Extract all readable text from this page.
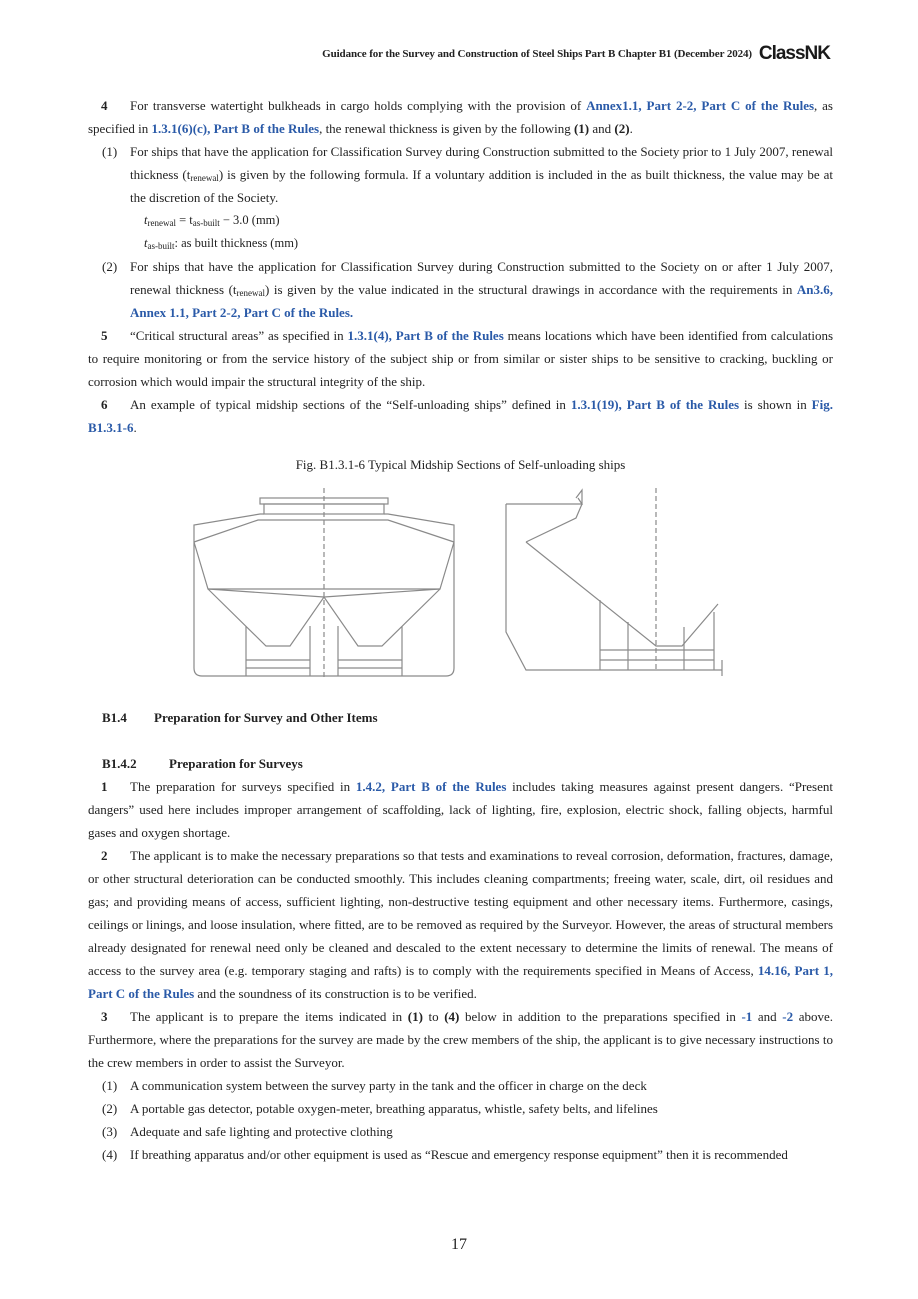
Guidance for the Survey and Construction of Steel Ships Part B Chapter B1 (December 2024) ClassNK

4 For transverse watertight bulkheads in cargo holds complying with the provision of Annex1.1, Part 2-2, Part C of the Rules, as specified in 1.3.1(6)(c), Part B of the Rules, the renewal thickness is given by the following (1) and (2).

(1) For ships that have the application for Classification Survey during Construction submitted to the Society prior to 1 July 2007, renewal thickness $(t_{renewal})$ is given by the following formula. If a voluntary addition is included in the as built thickness, the value may be at the discretion of the Society.

$t_{renewal} = t_{as-built} - 3.0$ (mm)

$t_{as-built}$: as built thickness (mm)

(2) For ships that have the application for Classification Survey during Construction submitted to the Society on or after 1 July 2007, renewal thickness $(t_{renewal})$ is given by the value indicated in the structural drawings in accordance with the requirements in An3.6, Annex 1.1, Part 2-2, Part C of the Rules.

5 “Critical structural areas” as specified in 1.3.1(4), Part B of the Rules means locations which have been identified from calculations to require monitoring or from the service history of the subject ship or from similar or sister ships to be sensitive to cracking, buckling or corrosion which would impair the structural integrity of the ship.

6 An example of typical midship sections of the “Self-unloading ships” defined in 1.3.1(19), Part B of the Rules is shown in Fig. B1.3.1-6.

Fig. B1.3.1-6 Typical Midship Sections of Self-unloading ships

B1.4 Preparation for Survey and Other Items

B1.4.2 Preparation for Surveys

1 The preparation for surveys specified in 1.4.2, Part B of the Rules includes taking measures against present dangers. “Present dangers” used here includes improper arrangement of scaffolding, lack of lighting, fire, explosion, electric shock, falling objects, harmful gases and oxygen shortage.

2 The applicant is to make the necessary preparations so that tests and examinations to reveal corrosion, deformation, fractures, damage, or other structural deterioration can be conducted smoothly. This includes cleaning compartments; freeing water, scale, dirt, oil residues and gas; and providing means of access, sufficient lighting, non-destructive testing equipment and other necessary items. Furthermore, casings, ceilings or linings, and loose insulation, where fitted, are to be removed as required by the Surveyor. However, the areas of structural members already designated for renewal need only be cleaned and descaled to the extent necessary to determine the limits of renewal. The means of access to the survey area (e.g. temporary staging and rafts) is to comply with the requirements specified in Means of Access, 14.16, Part 1, Part C of the Rules and the soundness of its construction is to be verified.

3 The applicant is to prepare the items indicated in (1) to (4) below in addition to the preparations specified in -1 and -2 above. Furthermore, where the preparations for the survey are made by the crew members of the ship, the applicant is to give necessary instructions to the crew members in order to assist the Surveyor.

(1) A communication system between the survey party in the tank and the officer in charge on the deck

(2) A portable gas detector, potable oxygen-meter, breathing apparatus, whistle, safety belts, and lifelines

(3) Adequate and safe lighting and protective clothing

(4) If breathing apparatus and/or other equipment is used as “Rescue and emergency response equipment” then it is recommended

17
